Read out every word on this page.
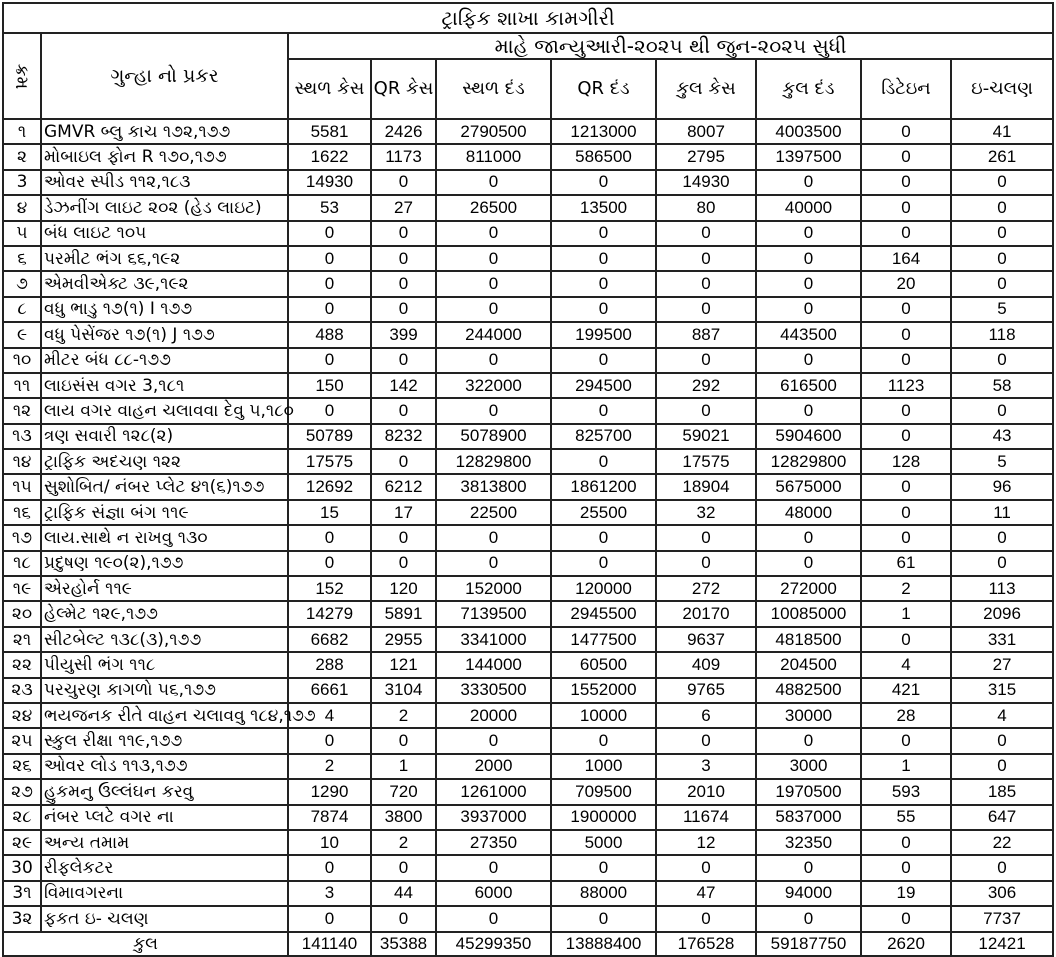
ટ્રાફિક શાખા કામગીરી									
ક્રમ	ગુન્હા નો પ્રકર	માહે જાન્યુઆરી-૨૦૨૫ થી જુન-૨૦૨૫ સુધી							
		સ્થળ કેસ	QR કેસ	સ્થળ દંડ	QR દંડ	કુલ કેસ	કુલ દંડ	ડિટેઇન	ઇ-ચલણ
૧	GMVR બ્લુ કાચ ૧૭૨,૧૭૭	5581	2426	2790500	1213000	8007	4003500	0	41
૨	મોબાઇલ ફોન R ૧૭૦,૧૭૭	1622	1173	811000	586500	2795	1397500	0	261
3	ઓવર સ્પીડ ૧૧૨,૧૮૩	14930	0	0	0	14930	0	0	0
૪	ડેઝનીંગ લાઇટ ૨૦૨ (હેડ લાઇટ)	53	27	26500	13500	80	40000	0	0
૫	બંધ લાઇટ ૧૦૫	0	0	0	0	0	0	0	0
૬	પરમીટ ભંગ ૬૬,૧૯૨	0	0	0	0	0	0	164	0
૭	એમવીએક્ટ ૩૯,૧૯૨	0	0	0	0	0	0	20	0
૮	વધુ ભાડુ ૧૭(૧) I ૧૭૭	0	0	0	0	0	0	0	5
૯	વધુ પેસેંજર ૧૭(૧) J ૧૭૭	488	399	244000	199500	887	443500	0	118
૧૦	મીટર બંધ ૮૮-૧૭૭	0	0	0	0	0	0	0	0
૧૧	લાઇસંસ વગર 3,૧૮૧	150	142	322000	294500	292	616500	1123	58
૧૨	લાય વગર વાહન ચલાવવા દેવુ ૫,૧૮૦	0	0	0	0	0	0	0	0
૧૩	ત્રણ સવારી ૧૨૮(૨)	50789	8232	5078900	825700	59021	5904600	0	43
૧૪	ટ્રાફિક અદચણ ૧૨૨	17575	0	12829800	0	17575	12829800	128	5
૧૫	સુશોબિત/ નંબર પ્લેટ ૪૧(૬)૧૭૭	12692	6212	3813800	1861200	18904	5675000	0	96
૧૬	ટ્રાફિક સંજ્ઞા બંગ ૧૧૯	15	17	22500	25500	32	48000	0	11
૧૭	લાય.સાથે ન રાખવુ ૧૩૦	0	0	0	0	0	0	0	0
૧૮	પ્રદુષણ ૧૯૦(૨),૧૭૭	0	0	0	0	0	0	61	0
૧૯	એરહોર્ન ૧૧૯	152	120	152000	120000	272	272000	2	113
૨૦	હેલ્મેટ ૧૨૯,૧૭૭	14279	5891	7139500	2945500	20170	10085000	1	2096
૨૧	સીટબેલ્ટ ૧૩૮(૩),૧૭૭	6682	2955	3341000	1477500	9637	4818500	0	331
૨૨	પીયુસી ભંગ ૧૧૮	288	121	144000	60500	409	204500	4	27
૨૩	પરચુરણ કાગળો ૫૬,૧૭૭	6661	3104	3330500	1552000	9765	4882500	421	315
૨૪	ભયજનક રીતે વાહન ચલાવવુ ૧૮૪,૧૭૭	4	2	20000	10000	6	30000	28	4
૨૫	સ્કુલ રીક્ષા ૧૧૯,૧૭૭	0	0	0	0	0	0	0	0
૨૬	ઓવર લોડ ૧૧૩,૧૭૭	2	1	2000	1000	3	3000	1	0
૨૭	હુકમનુ ઉલ્લંઘન કરવુ	1290	720	1261000	709500	2010	1970500	593	185
૨૮	નંબર પ્લટે વગર ના	7874	3800	3937000	1900000	11674	5837000	55	647
૨૯	અન્ય તમામ	10	2	27350	5000	12	32350	0	22
30	રીફલેકટર	0	0	0	0	0	0	0	0
3૧	વિમાવગરના	3	44	6000	88000	47	94000	19	306
3૨	ફકત ઇ- ચલણ	0	0	0	0	0	0	0	7737
કુલ		141140	35388	45299350	13888400	176528	59187750	2620	12421
